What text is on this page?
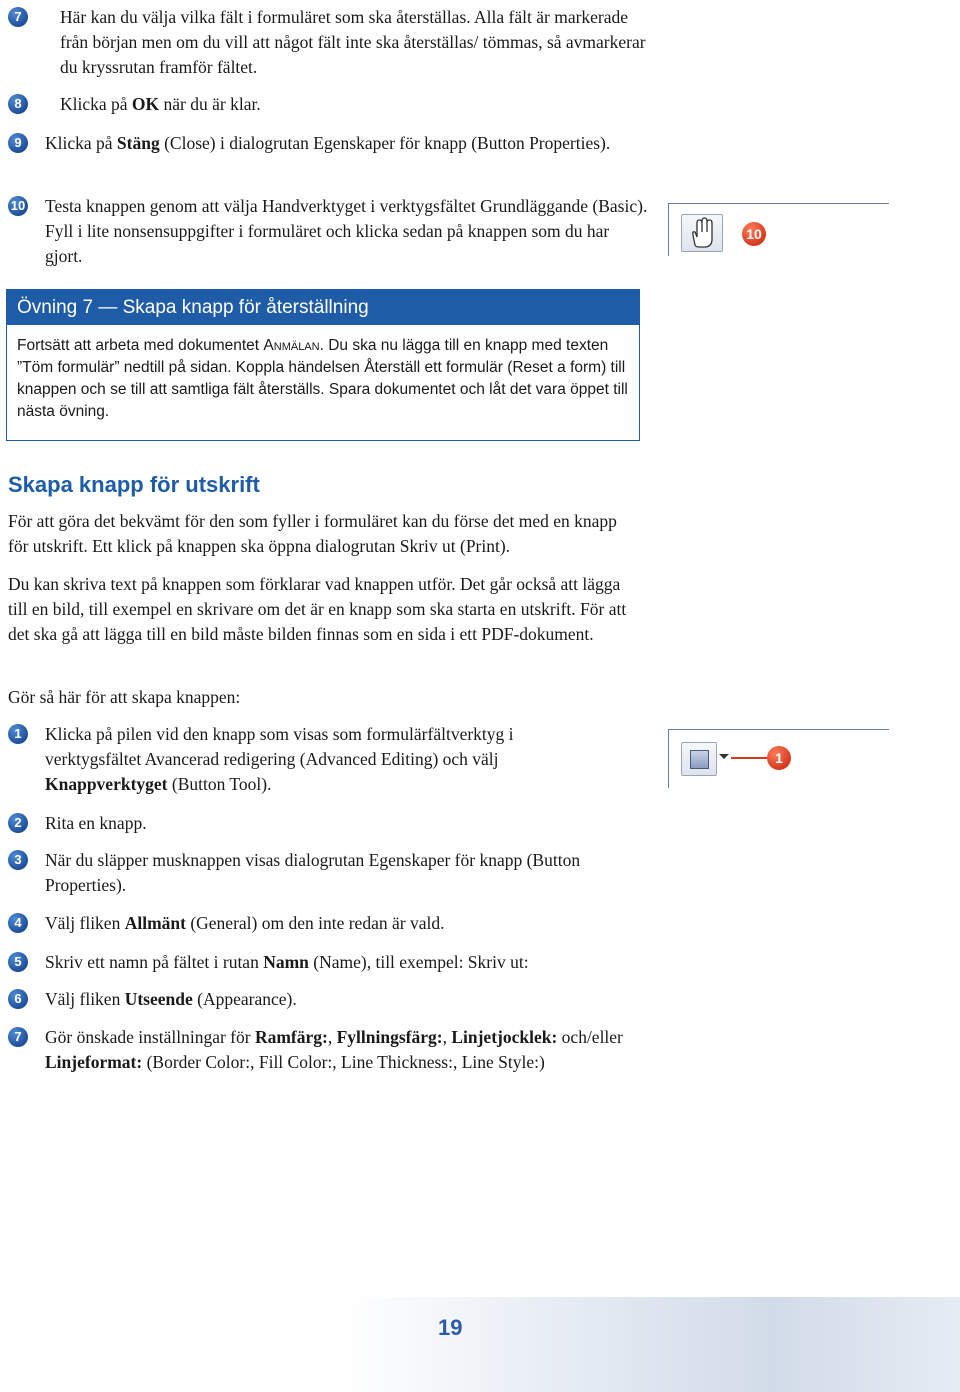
7	Här kan du välja vilka fält i formuläret som ska återställas. Alla fält är markerade från början men om du vill att något fält inte ska återställas/ tömmas, så avmarkerar du kryssrutan framför fältet.
8	Klicka på OK när du är klar.
9	Klicka på Stäng (Close) i dialogrutan Egenskaper för knapp (Button Properties).
10 Testa knappen genom att välja Handverktyget i verktygsfältet Grundläggande (Basic). Fyll i lite nonsensuppgifter i formuläret och klicka sedan på knappen som du har gjort.
10
Övning 7 — Skapa knapp för återställning
Fortsätt att arbeta med dokumentet Anmälan. Du ska nu lägga till en knapp med texten ”Töm formulär” nedtill på sidan. Koppla händelsen Återställ ett formulär (Reset a form) till knappen och se till att samtliga fält återställs. Spara dokumentet och låt det vara öppet till nästa övning.
Skapa knapp för utskrift
För att göra det bekvämt för den som fyller i formuläret kan du förse det med en knapp för utskrift. Ett klick på knappen ska öppna dialogrutan Skriv ut (Print).
Du kan skriva text på knappen som förklarar vad knappen utför. Det går också att lägga till en bild, till exempel en skrivare om det är en knapp som ska starta en utskrift. För att det ska gå att lägga till en bild måste bilden finnas som en sida i ett PDF-dokument.
Gör så här för att skapa knappen:
1
1	Klicka på pilen vid den knapp som visas som formulärfältverktyg i verktygsfältet Avancerad redigering (Advanced Editing) och välj Knappverktyget (Button Tool).
2	Rita en knapp.
3	När du släpper musknappen visas dialogrutan Egenskaper för knapp (Button Properties).
4	Välj fliken Allmänt (General) om den inte redan är vald.
5	Skriv ett namn på fältet i rutan Namn (Name), till exempel: Skriv ut:
6	Välj fliken Utseende (Appearance).
7	Gör önskade inställningar för Ramfärg:, Fyllningsfärg:, Linjetjocklek: och/eller Linjeformat: (Border Color:, Fill Color:, Line Thickness:, Line Style:)
19
